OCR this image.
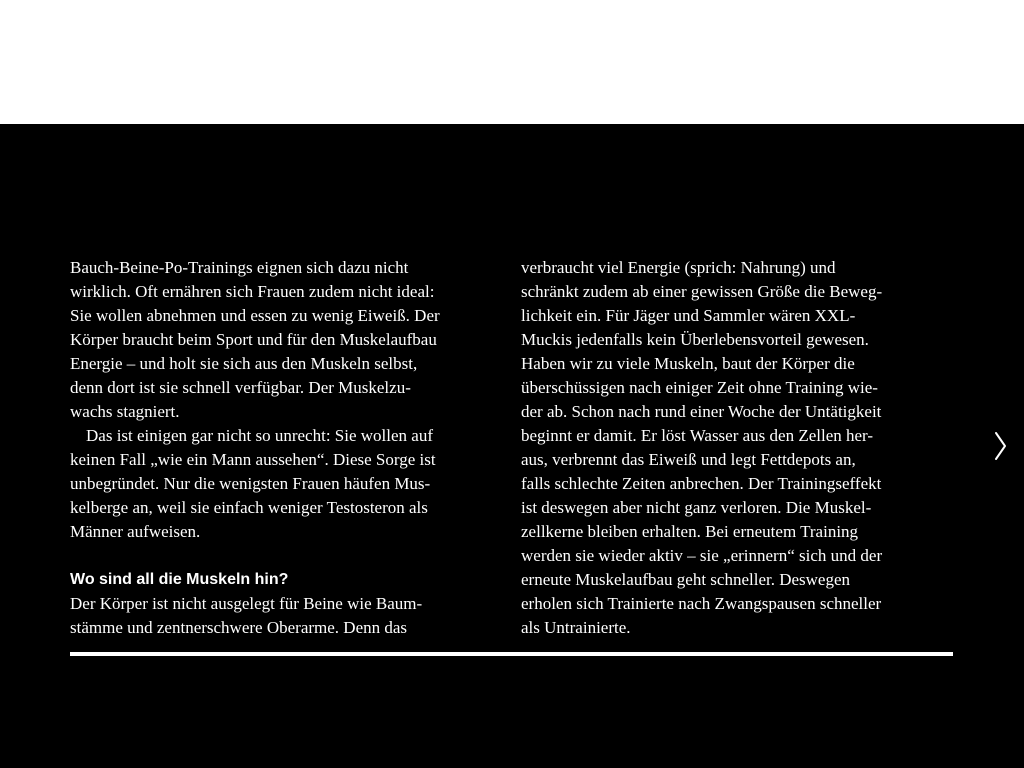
Bauch-Beine-Po-Trainings eignen sich dazu nicht
wirklich. Oft ernähren sich Frauen zudem nicht ideal:
Sie wollen abnehmen und essen zu wenig Eiweiß. Der
Körper braucht beim Sport und für den Muskelaufbau
Energie – und holt sie sich aus den Muskeln selbst,
denn dort ist sie schnell verfügbar. Der Muskelzu-
wachs stagniert.
Das ist einigen gar nicht so unrecht: Sie wollen auf
keinen Fall „wie ein Mann aussehen“. Diese Sorge ist
unbegründet. Nur die wenigsten Frauen häufen Mus-
kelberge an, weil sie einfach weniger Testosteron als
Männer aufweisen.
Wo sind all die Muskeln hin?
Der Körper ist nicht ausgelegt für Beine wie Baum-
stämme und zentnerschwere Oberarme. Denn das
verbraucht viel Energie (sprich: Nahrung) und
schränkt zudem ab einer gewissen Größe die Beweg-
lichkeit ein. Für Jäger und Sammler wären XXL-
Muckis jedenfalls kein Überlebensvorteil gewesen.
Haben wir zu viele Muskeln, baut der Körper die
überschüssigen nach einiger Zeit ohne Training wie-
der ab. Schon nach rund einer Woche der Untätigkeit
beginnt er damit. Er löst Wasser aus den Zellen her-
aus, verbrennt das Eiweiß und legt Fettdepots an,
falls schlechte Zeiten anbrechen. Der Trainingseffekt
ist deswegen aber nicht ganz verloren. Die Muskel-
zellkerne bleiben erhalten. Bei erneutem Training
werden sie wieder aktiv – sie „erinnern“ sich und der
erneute Muskelaufbau geht schneller. Deswegen
erholen sich Trainierte nach Zwangspausen schneller
als Untrainierte.
